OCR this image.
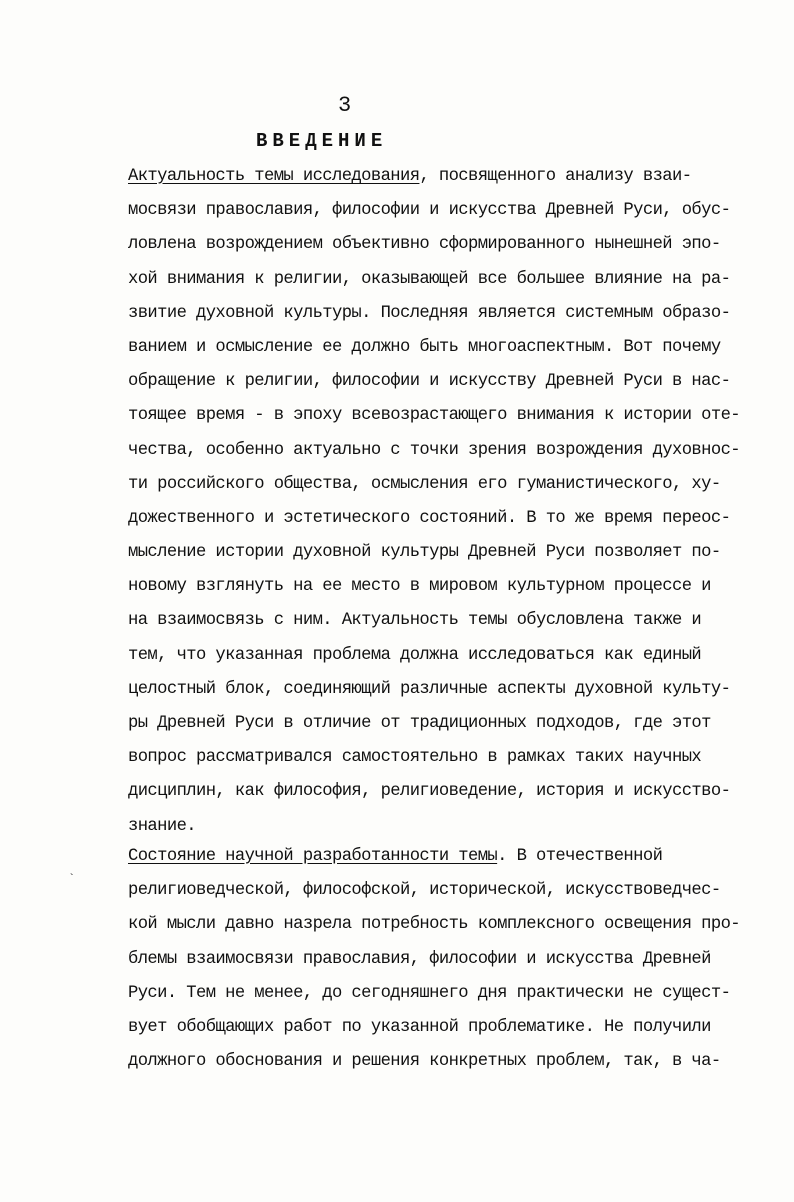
3
ВВЕДЕНИЕ
Актуальность темы исследования, посвященного анализу взаи-
мосвязи православия, философии и искусства Древней Руси, обус-
ловлена возрождением объективно сформированного нынешней эпо-
хой внимания к религии, оказывающей все большее влияние на ра-
звитие духовной культуры. Последняя является системным образо-
ванием и осмысление ее должно быть многоаспектным. Вот почему
обращение к религии, философии и искусству Древней Руси в нас-
тоящее время - в эпоху всевозрастающего внимания к истории оте-
чества, особенно актуально с точки зрения возрождения духовнос-
ти российского общества, осмысления его гуманистического, ху-
дожественного и эстетического состояний. В то же время переос-
мысление истории духовной культуры Древней Руси позволяет по-
новому взглянуть на ее место в мировом культурном процессе и
на взаимосвязь с ним. Актуальность темы обусловлена также и
тем, что указанная проблема должна исследоваться как единый
целостный блок, соединяющий различные аспекты духовной культу-
ры Древней Руси в отличие от традиционных подходов, где этот
вопрос рассматривался самостоятельно в рамках таких научных
дисциплин, как философия, религиоведение, история и искусство-
знание.
Состояние научной разработанности темы. В отечественной
религиоведческой, философской, исторической, искусствоведчес-
кой мысли давно назрела потребность комплексного освещения про-
блемы взаимосвязи православия, философии и искусства Древней
Руси. Тем не менее, до сегодняшнего дня практически не сущест-
вует обобщающих работ по указанной проблематике. Не получили
должного обоснования и решения конкретных проблем, так, в ча-
`
